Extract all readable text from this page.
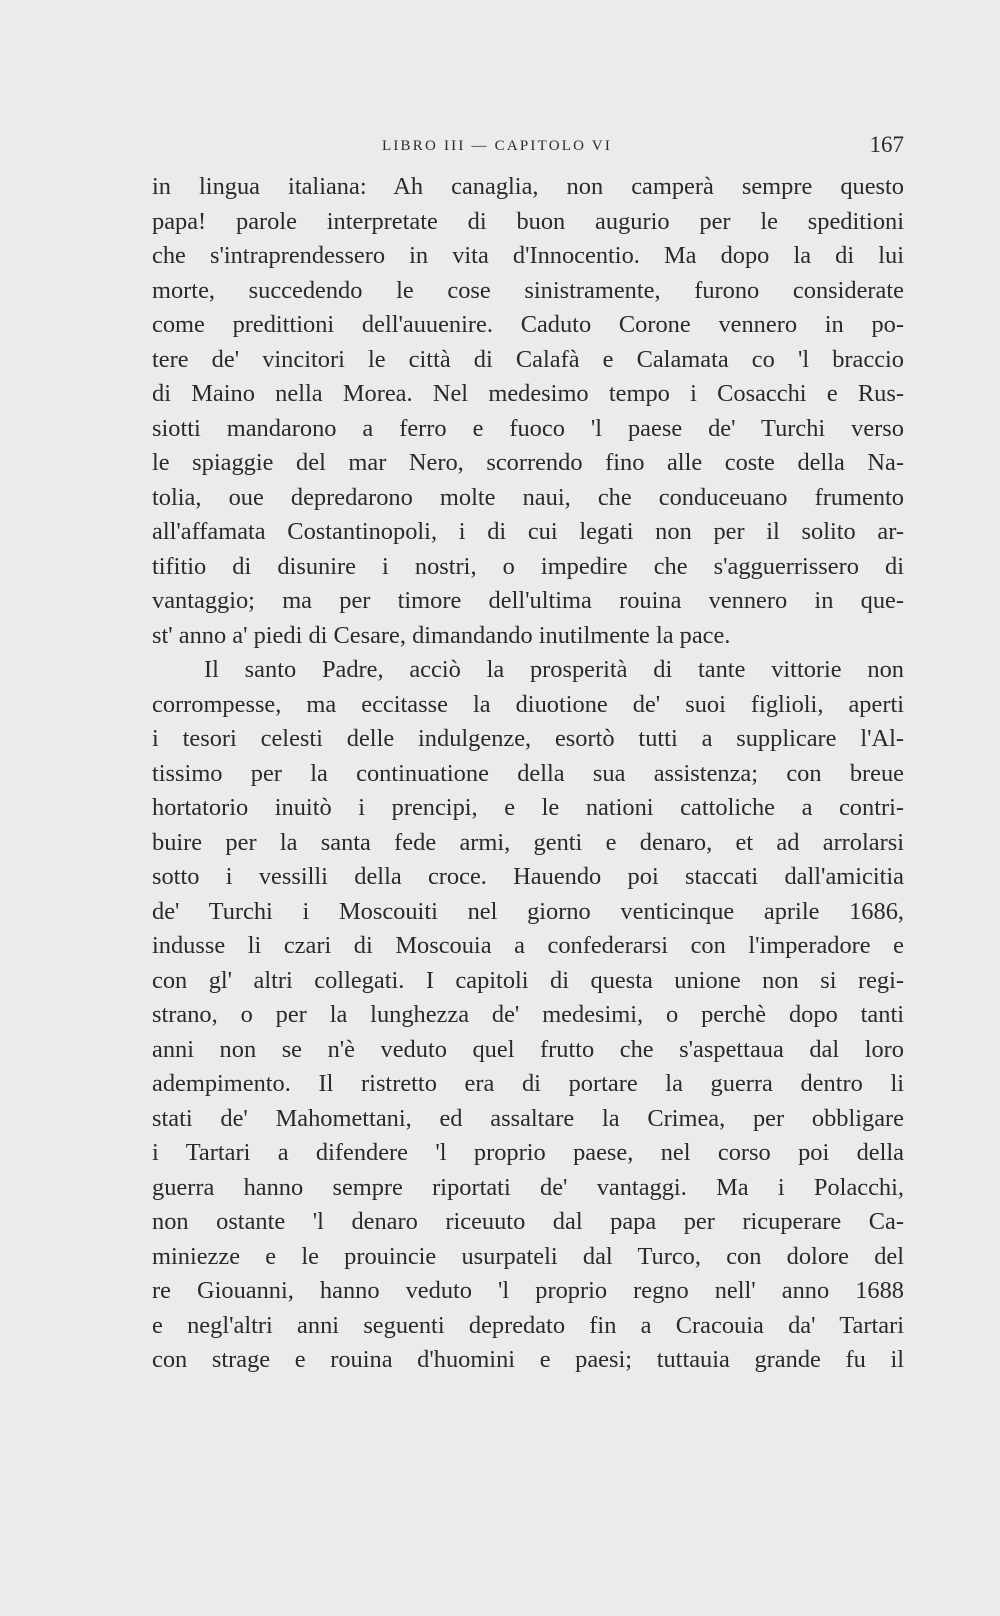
LIBRO III — CAPITOLO VI	167
in lingua italiana: Ah canaglia, non camperà sempre questo
papa! parole interpretate di buon augurio per le speditioni
che s'intraprendessero in vita d'Innocentio. Ma dopo la di lui
morte, succedendo le cose sinistramente, furono considerate
come predittioni dell'auuenire. Caduto Corone vennero in po-
tere de' vincitori le città di Calafà e Calamata co 'l braccio
di Maino nella Morea. Nel medesimo tempo i Cosacchi e Rus-
siotti mandarono a ferro e fuoco 'l paese de' Turchi verso
le spiaggie del mar Nero, scorrendo fino alle coste della Na-
tolia, oue depredarono molte naui, che conduceuano frumento
all'affamata Costantinopoli, i di cui legati non per il solito ar-
tifitio di disunire i nostri, o impedire che s'agguerrissero di
vantaggio; ma per timore dell'ultima rouina vennero in que-
st' anno a' piedi di Cesare, dimandando inutilmente la pace.
Il santo Padre, acciò la prosperità di tante vittorie non
corrompesse, ma eccitasse la diuotione de' suoi figlioli, aperti
i tesori celesti delle indulgenze, esortò tutti a supplicare l'Al-
tissimo per la continuatione della sua assistenza; con breue
hortatorio inuitò i prencipi, e le nationi cattoliche a contri-
buire per la santa fede armi, genti e denaro, et ad arrolarsi
sotto i vessilli della croce. Hauendo poi staccati dall'amicitia
de' Turchi i Moscouiti nel giorno venticinque aprile 1686,
indusse li czari di Moscouia a confederarsi con l'imperadore e
con gl' altri collegati. I capitoli di questa unione non si regi-
strano, o per la lunghezza de' medesimi, o perchè dopo tanti
anni non se n'è veduto quel frutto che s'aspettaua dal loro
adempimento. Il ristretto era di portare la guerra dentro li
stati de' Mahomettani, ed assaltare la Crimea, per obbligare
i Tartari a difendere 'l proprio paese, nel corso poi della
guerra hanno sempre riportati de' vantaggi. Ma i Polacchi,
non ostante 'l denaro riceuuto dal papa per ricuperare Ca-
miniezze e le prouincie usurpateli dal Turco, con dolore del
re Giouanni, hanno veduto 'l proprio regno nell' anno 1688
e negl'altri anni seguenti depredato fin a Cracouia da' Tartari
con strage e rouina d'huomini e paesi; tuttauia grande fu il
